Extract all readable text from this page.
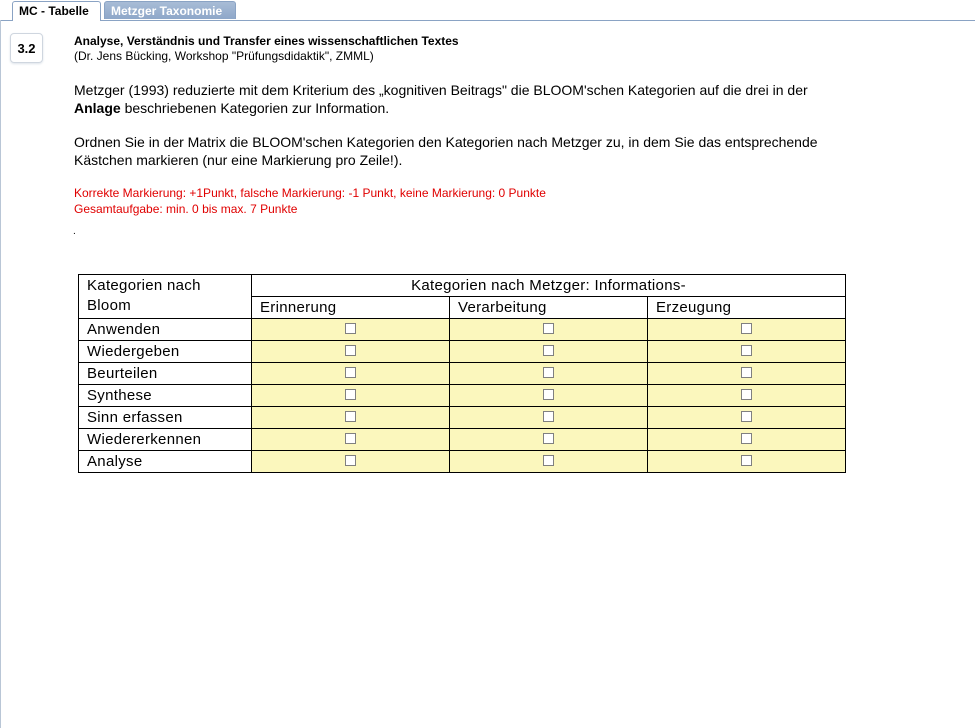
MC - Tabelle	Metzger Taxonomie
3.2	Analyse, Verständnis und Transfer eines wissenschaftlichen Textes
(Dr. Jens Bücking, Workshop "Prüfungsdidaktik", ZMML)
Metzger (1993) reduzierte mit dem Kriterium des „kognitiven Beitrags" die BLOOM'schen Kategorien auf die drei in der Anlage beschriebenen Kategorien zur Information.
Ordnen Sie in der Matrix die BLOOM'schen Kategorien den Kategorien nach Metzger zu, in dem Sie das entsprechende Kästchen markieren (nur eine Markierung pro Zeile!).
Korrekte Markierung: +1Punkt, falsche Markierung: -1 Punkt, keine Markierung: 0 Punkte
Gesamtaufgabe: min. 0 bis max. 7 Punkte
.
Kategorien nach Bloom	Kategorien nach Metzger: Informations-		
	Erinnerung	Verarbeitung	Erzeugung
Anwenden			
Wiedergeben			
Beurteilen			
Synthese			
Sinn erfassen			
Wiedererkennen			
Analyse			
